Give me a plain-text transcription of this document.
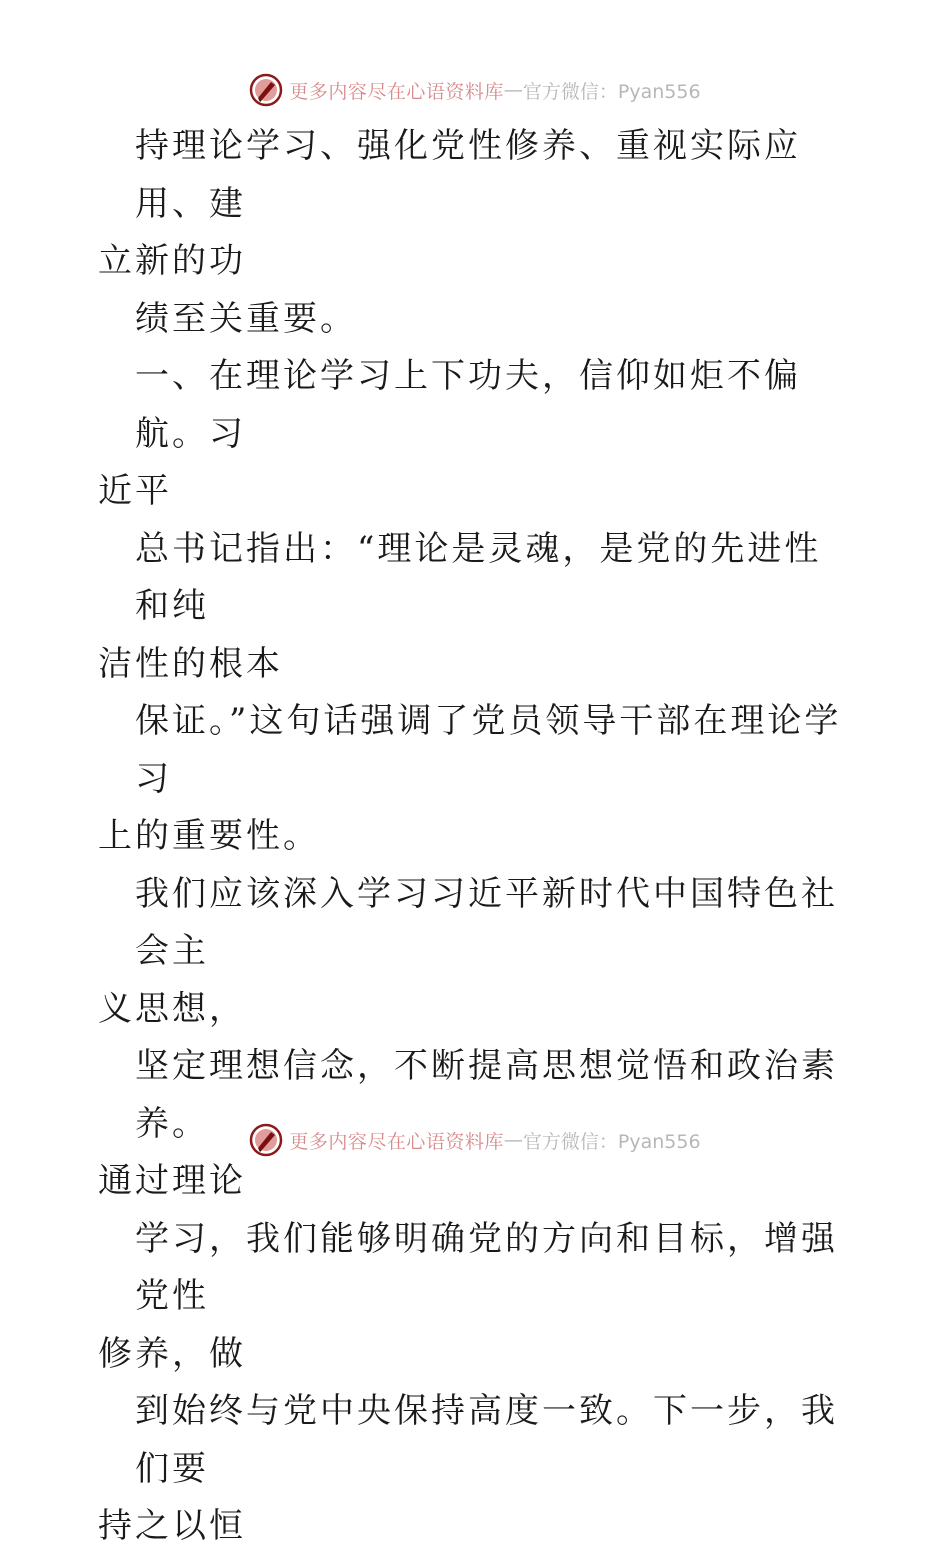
更多内容尽在心语资料库 — 官方微信：Pyan556
持理论学习、强化党性修养、重视实际应用、建
立新的功
绩至关重要。
一、在理论学习上下功夫，信仰如炬不偏航。习
近平
总书记指出：“理论是灵魂，是党的先进性和纯
洁性的根本
保证。”这句话强调了党员领导干部在理论学习
上的重要性。
我们应该深入学习习近平新时代中国特色社会主
义思想，
坚定理想信念，不断提高思想觉悟和政治素养。
通过理论
学习，我们能够明确党的方向和目标，增强党性
修养，做
到始终与党中央保持高度一致。下一步，我们要
持之以恒
更多内容尽在心语资料库 — 官方微信：Pyan556
